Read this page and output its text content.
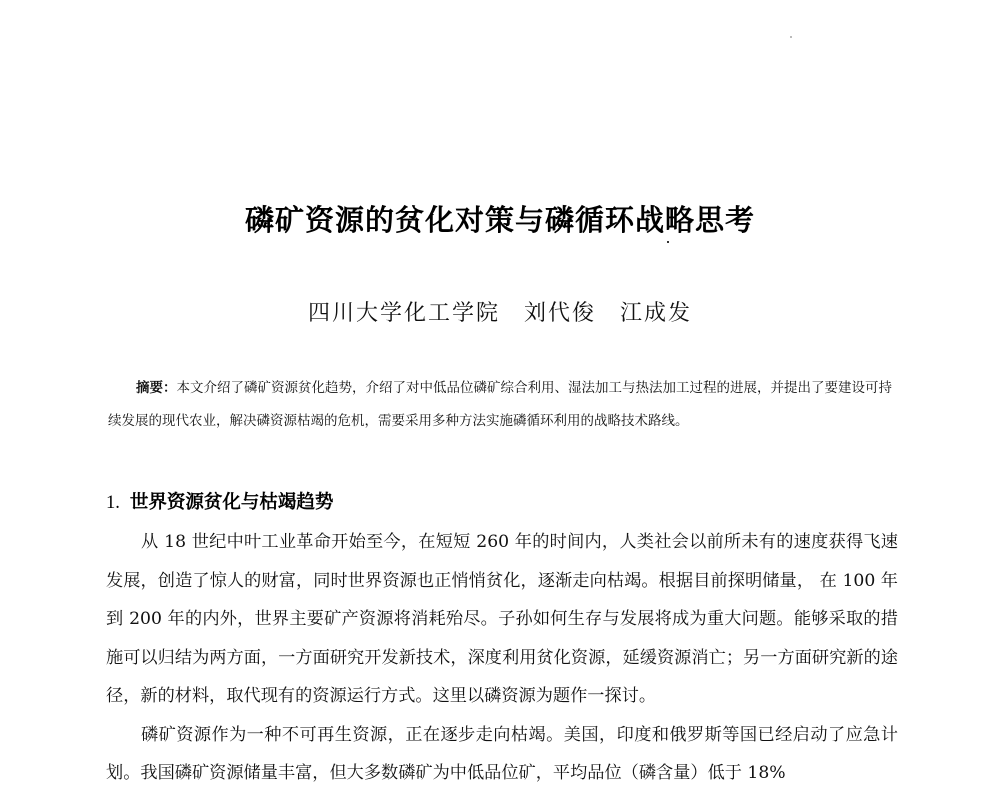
磷矿资源的贫化对策与磷循环战略思考
四川大学化工学院 刘代俊 江成发
摘要：本文介绍了磷矿资源贫化趋势，介绍了对中低品位磷矿综合利用、湿法加工与热法加工过程的进展，并提出了要建设可持续发展的现代农业，解决磷资源枯竭的危机，需要采用多种方法实施磷循环利用的战略技术路线。
1. 世界资源贫化与枯竭趋势

从 18 世纪中叶工业革命开始至今，在短短 260 年的时间内，人类社会以前所未有的速度获得飞速发展，创造了惊人的财富，同时世界资源也正悄悄贫化，逐渐走向枯竭。根据目前探明储量， 在 100 年到 200 年的内外，世界主要矿产资源将消耗殆尽。子孙如何生存与发展将成为重大问题。能够采取的措施可以归结为两方面，一方面研究开发新技术，深度利用贫化资源，延缓资源消亡；另一方面研究新的途径，新的材料，取代现有的资源运行方式。这里以磷资源为题作一探讨。

磷矿资源作为一种不可再生资源，正在逐步走向枯竭。美国，印度和俄罗斯等国已经启动了应急计划。我国磷矿资源储量丰富，但大多数磷矿为中低品位矿，平均品位（磷含量）低于 18%
